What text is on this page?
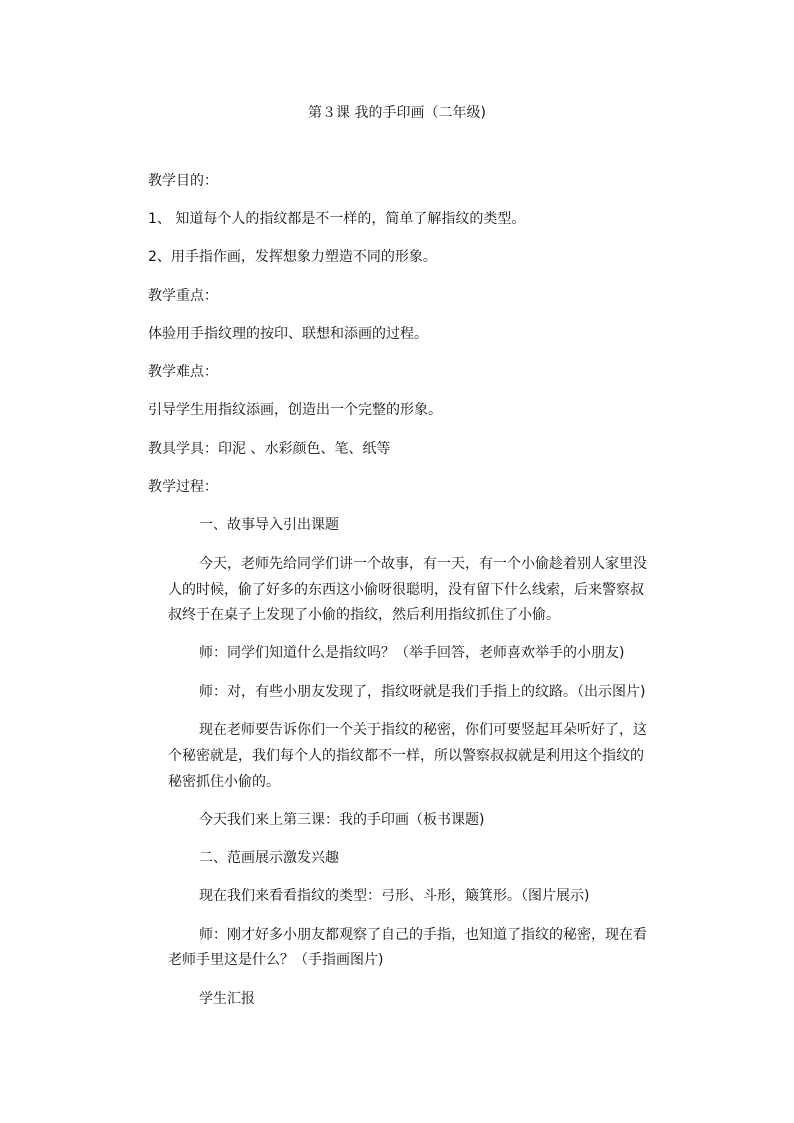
第３课 我的手印画（二年级)
教学目的：
1、 知道每个人的指纹都是不一样的，简单了解指纹的类型。
2、用手指作画，发挥想象力塑造不同的形象。
教学重点：
体验用手指纹理的按印、联想和添画的过程。
教学难点：
引导学生用指纹添画，创造出一个完整的形象。
教具学具：印泥 、水彩颜色、笔、纸等
教学过程：
一、故事导入引出课题
今天，老师先给同学们讲一个故事，有一天，有一个小偷趁着别人家里没
人的时候，偷了好多的东西这小偷呀很聪明，没有留下什么线索，后来警察叔
叔终于在桌子上发现了小偷的指纹，然后利用指纹抓住了小偷。
师：同学们知道什么是指纹吗？（举手回答，老师喜欢举手的小朋友)
师：对，有些小朋友发现了，指纹呀就是我们手指上的纹路。（出示图片)
现在老师要告诉你们一个关于指纹的秘密，你们可要竖起耳朵听好了，这
个秘密就是，我们每个人的指纹都不一样，所以警察叔叔就是利用这个指纹的
秘密抓住小偷的。
今天我们来上第三课：我的手印画（板书课题)
二、范画展示激发兴趣
现在我们来看看指纹的类型：弓形、斗形，簸箕形。（图片展示)
师：刚才好多小朋友都观察了自己的手指，也知道了指纹的秘密，现在看
老师手里这是什么？（手指画图片)
学生汇报
